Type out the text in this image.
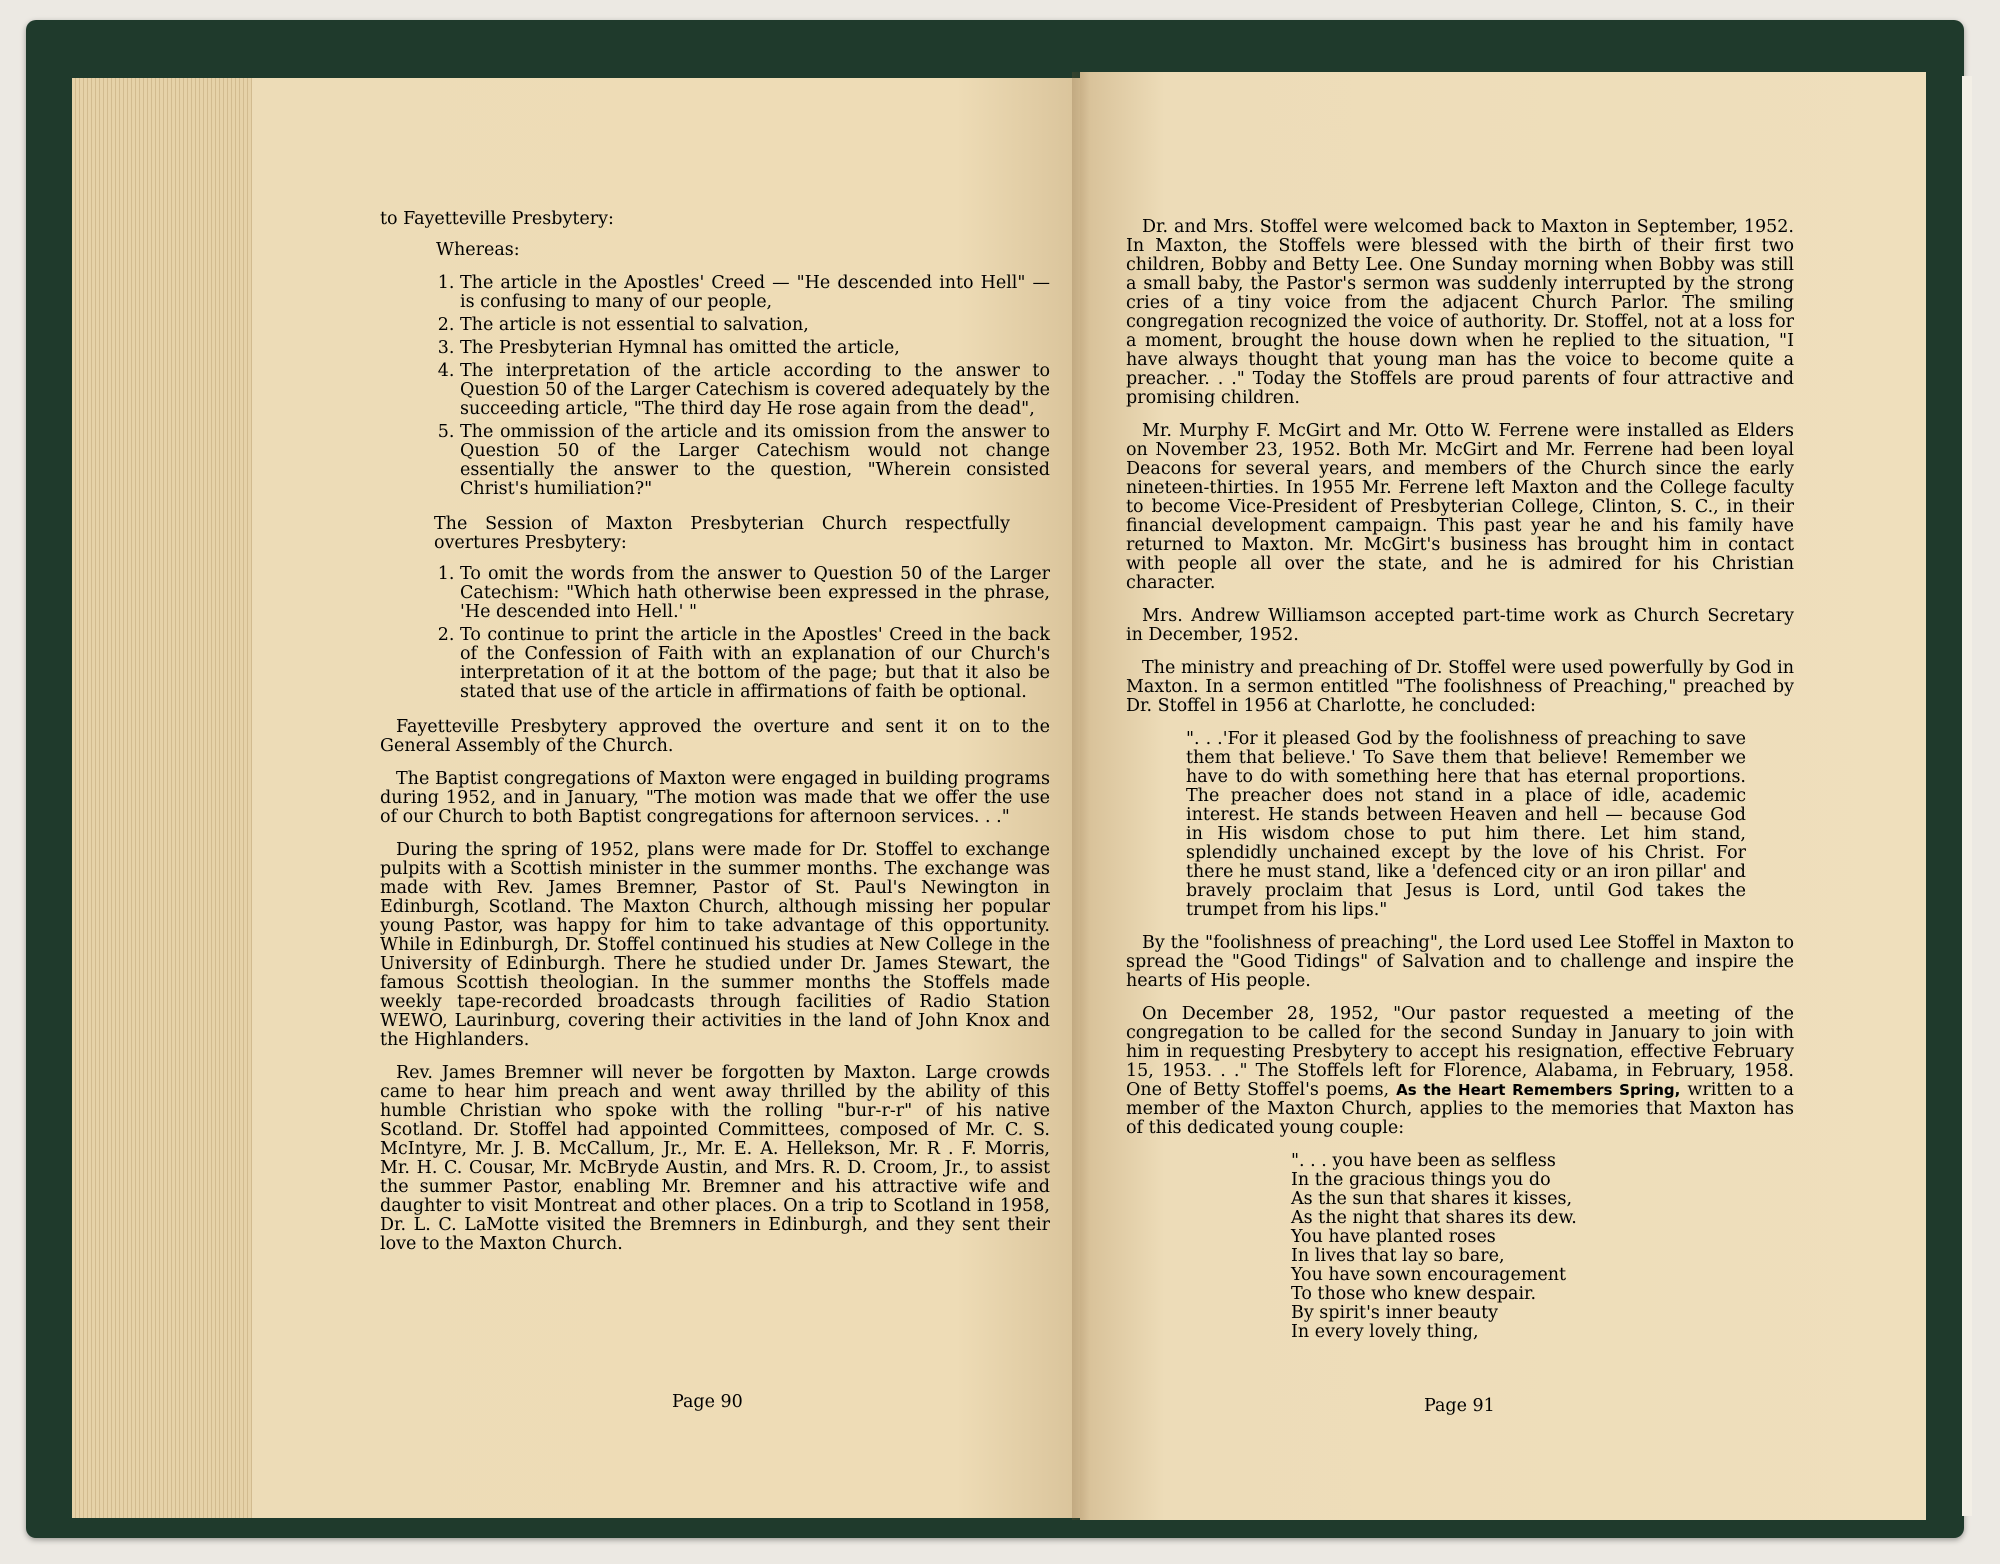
to Fayetteville Presbytery:

Whereas:

1. The article in the Apostles' Creed — "He descended into Hell" — is confusing to many of our people,
2. The article is not essential to salvation,
3. The Presbyterian Hymnal has omitted the article,
4. The interpretation of the article according to the answer to Question 50 of the Larger Catechism is covered adequately by the succeeding article, "The third day He rose again from the dead",
5. The ommission of the article and its omission from the answer to Question 50 of the Larger Catechism would not change essentially the answer to the question, "Wherein consisted Christ's humiliation?"

The Session of Maxton Presbyterian Church respectfully overtures Presbytery:

1. To omit the words from the answer to Question 50 of the Larger Catechism: "Which hath otherwise been expressed in the phrase, 'He descended into Hell.' "
2. To continue to print the article in the Apostles' Creed in the back of the Confession of Faith with an explanation of our Church's interpretation of it at the bottom of the page; but that it also be stated that use of the article in affirmations of faith be optional.

Fayetteville Presbytery approved the overture and sent it on to the General Assembly of the Church.

The Baptist congregations of Maxton were engaged in building programs during 1952, and in January, "The motion was made that we offer the use of our Church to both Baptist congregations for afternoon services. . ."

During the spring of 1952, plans were made for Dr. Stoffel to exchange pulpits with a Scottish minister in the summer months. The exchange was made with Rev. James Bremner, Pastor of St. Paul's Newington in Edinburgh, Scotland. The Maxton Church, although missing her popular young Pastor, was happy for him to take advantage of this opportunity. While in Edinburgh, Dr. Stoffel continued his studies at New College in the University of Edinburgh. There he studied under Dr. James Stewart, the famous Scottish theologian. In the summer months the Stoffels made weekly tape-recorded broadcasts through facilities of Radio Station WEWO, Laurinburg, covering their activities in the land of John Knox and the Highlanders.

Rev. James Bremner will never be forgotten by Maxton. Large crowds came to hear him preach and went away thrilled by the ability of this humble Christian who spoke with the rolling "bur-r-r" of his native Scotland. Dr. Stoffel had appointed Committees, composed of Mr. C. S. McIntyre, Mr. J. B. McCallum, Jr., Mr. E. A. Hellekson, Mr. R . F. Morris, Mr. H. C. Cousar, Mr. McBryde Austin, and Mrs. R. D. Croom, Jr., to assist the summer Pastor, enabling Mr. Bremner and his attractive wife and daughter to visit Montreat and other places. On a trip to Scotland in 1958, Dr. L. C. LaMotte visited the Bremners in Edinburgh, and they sent their love to the Maxton Church.

Page 90

Dr. and Mrs. Stoffel were welcomed back to Maxton in September, 1952. In Maxton, the Stoffels were blessed with the birth of their first two children, Bobby and Betty Lee. One Sunday morning when Bobby was still a small baby, the Pastor's sermon was suddenly interrupted by the strong cries of a tiny voice from the adjacent Church Parlor. The smiling congregation recognized the voice of authority. Dr. Stoffel, not at a loss for a moment, brought the house down when he replied to the situation, "I have always thought that young man has the voice to become quite a preacher. . ." Today the Stoffels are proud parents of four attractive and promising children.

Mr. Murphy F. McGirt and Mr. Otto W. Ferrene were installed as Elders on November 23, 1952. Both Mr. McGirt and Mr. Ferrene had been loyal Deacons for several years, and members of the Church since the early nineteen-thirties. In 1955 Mr. Ferrene left Maxton and the College faculty to become Vice-President of Presbyterian College, Clinton, S. C., in their financial development campaign. This past year he and his family have returned to Maxton. Mr. McGirt's business has brought him in contact with people all over the state, and he is admired for his Christian character.

Mrs. Andrew Williamson accepted part-time work as Church Secretary in December, 1952.

The ministry and preaching of Dr. Stoffel were used powerfully by God in Maxton. In a sermon entitled "The foolishness of Preaching," preached by Dr. Stoffel in 1956 at Charlotte, he concluded:

". . .'For it pleased God by the foolishness of preaching to save them that believe.' To Save them that believe! Remember we have to do with something here that has eternal proportions. The preacher does not stand in a place of idle, academic interest. He stands between Heaven and hell — because God in His wisdom chose to put him there. Let him stand, splendidly unchained except by the love of his Christ. For there he must stand, like a 'defenced city or an iron pillar' and bravely proclaim that Jesus is Lord, until God takes the trumpet from his lips."

By the "foolishness of preaching", the Lord used Lee Stoffel in Maxton to spread the "Good Tidings" of Salvation and to challenge and inspire the hearts of His people.

On December 28, 1952, "Our pastor requested a meeting of the congregation to be called for the second Sunday in January to join with him in requesting Presbytery to accept his resignation, effective February 15, 1953. . ." The Stoffels left for Florence, Alabama, in February, 1958. One of Betty Stoffel's poems, As the Heart Remembers Spring, written to a member of the Maxton Church, applies to the memories that Maxton has of this dedicated young couple:

". . . you have been as selfless
In the gracious things you do
As the sun that shares it kisses,
As the night that shares its dew.
You have planted roses
In lives that lay so bare,
You have sown encouragement
To those who knew despair.
By spirit's inner beauty
In every lovely thing,
Page 91
